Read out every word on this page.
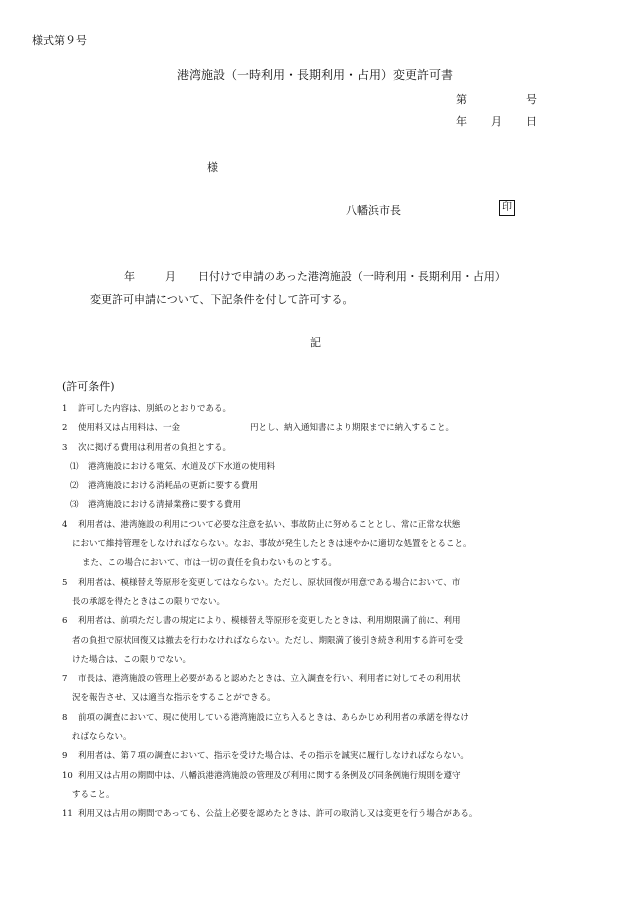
様式第９号
港湾施設（一時利用・長期利用・占用）変更許可書
第	号
年 月 日
様
八幡浜市長	印
年	月 日付けで申請のあった港湾施設（一時利用・長期利用・占用）
変更許可申請について、下記条件を付して許可する。
記
(許可条件)
1 許可した内容は、別紙のとおりである。
2 使用料又は占用料は、一金	円とし、納入通知書により期限までに納入すること。
3 次に掲げる費用は利用者の負担とする。
⑴ 港湾施設における電気、水道及び下水道の使用料
⑵ 港湾施設における消耗品の更新に要する費用
⑶ 港湾施設における清掃業務に要する費用
4 利用者は、港湾施設の利用について必要な注意を払い、事故防止に努めることとし、常に正常な状態
において維持管理をしなければならない。なお、事故が発生したときは速やかに適切な処置をとること。
また、この場合において、市は一切の責任を負わないものとする。
5 利用者は、模様替え等原形を変更してはならない。ただし、原状回復が用意である場合において、市
長の承認を得たときはこの限りでない。
6 利用者は、前項ただし書の規定により、模様替え等原形を変更したときは、利用期限満了前に、利用
者の負担で原状回復又は撤去を行わなければならない。ただし、期限満了後引き続き利用する許可を受
けた場合は、この限りでない。
7 市長は、港湾施設の管理上必要があると認めたときは、立入調査を行い、利用者に対してその利用状
況を報告させ、又は適当な指示をすることができる。
8 前項の調査において、現に使用している港湾施設に立ち入るときは、あらかじめ利用者の承諾を得なけ
ればならない。
9 利用者は、第７項の調査において、指示を受けた場合は、その指示を誠実に履行しなければならない。
10 利用又は占用の期間中は、八幡浜港港湾施設の管理及び利用に関する条例及び同条例施行規則を遵守
すること。
11 利用又は占用の期間であっても、公益上必要を認めたときは、許可の取消し又は変更を行う場合がある。
